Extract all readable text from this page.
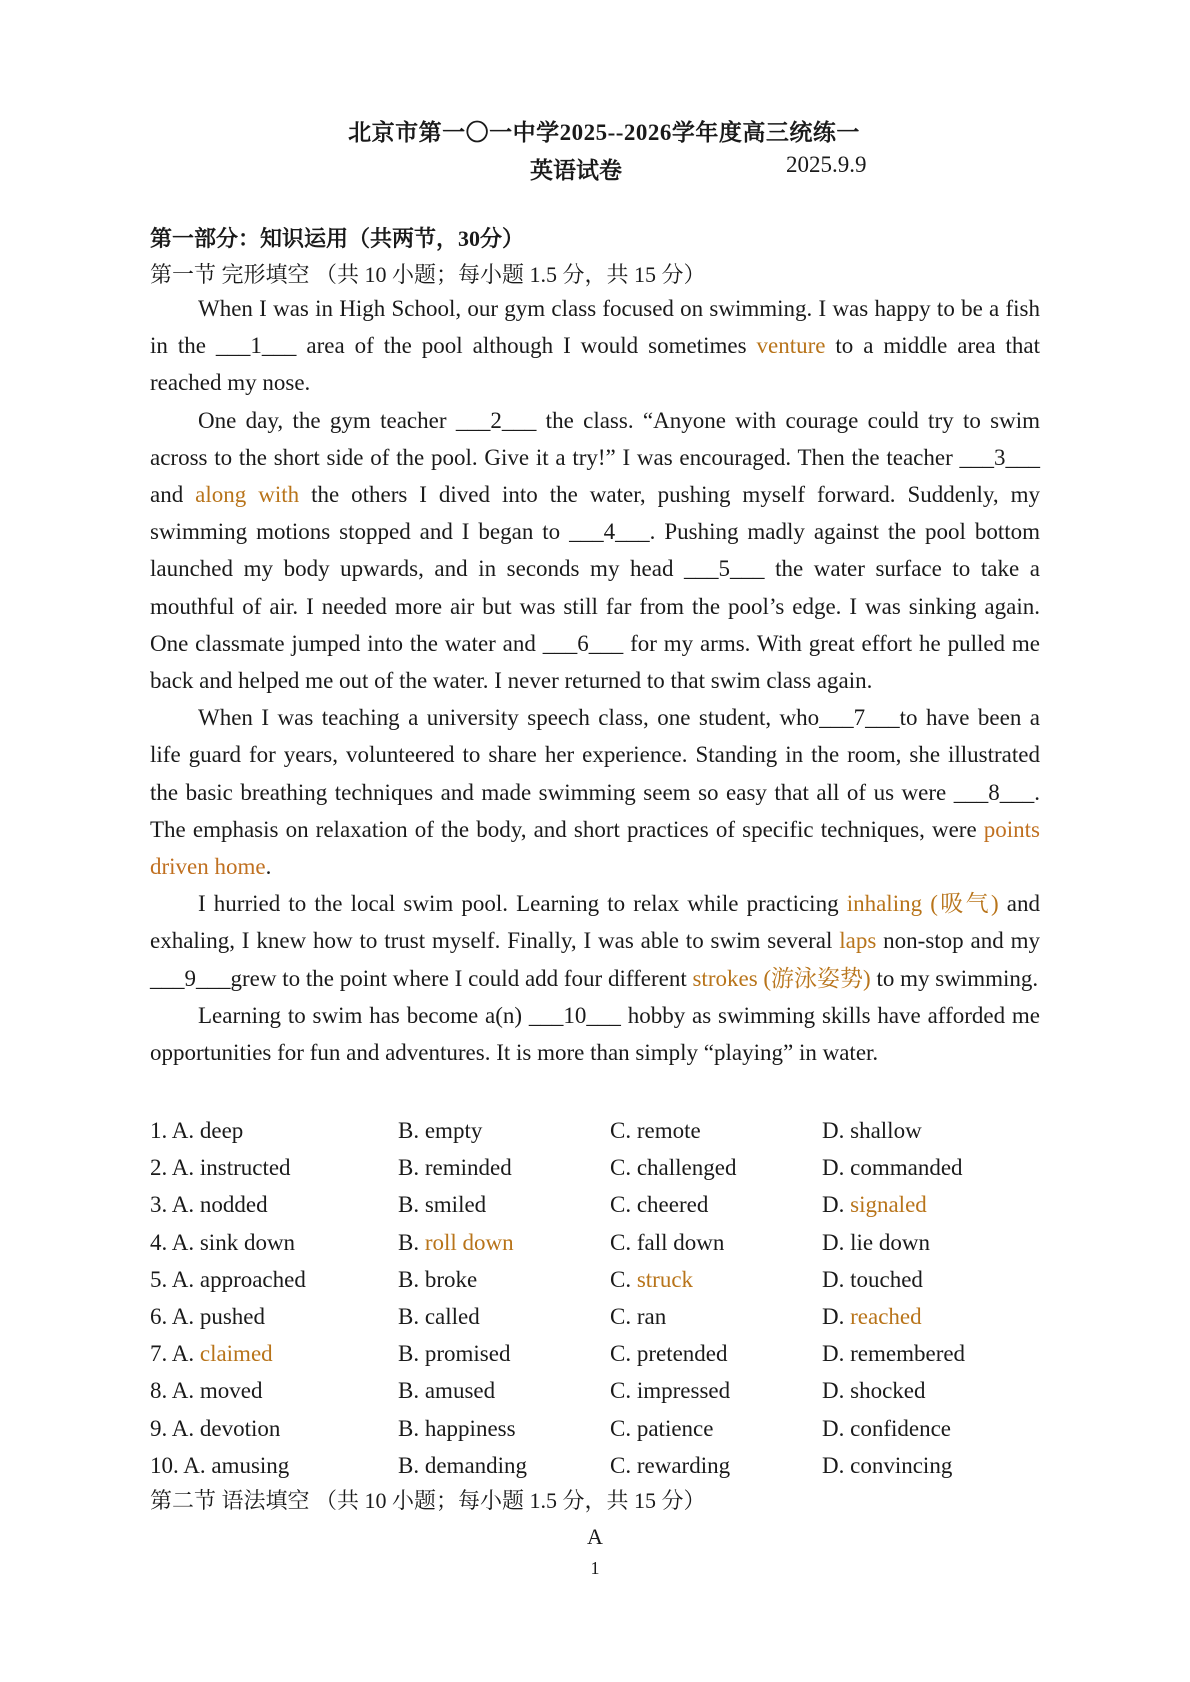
北京市第一〇一中学2025--2026学年度高三统练一
英语试卷	2025.9.9
第一部分：知识运用（共两节，30分）
第一节 完形填空 （共 10 小题；每小题 1.5 分，共 15 分）

When I was in High School, our gym class focused on swimming. I was happy to be a fish in the ___1___ area of the pool although I would sometimes venture to a middle area that reached my nose.

One day, the gym teacher ___2___ the class. “Anyone with courage could try to swim across to the short side of the pool. Give it a try!” I was encouraged. Then the teacher ___3___ and along with the others I dived into the water, pushing myself forward. Suddenly, my swimming motions stopped and I began to ___4___. Pushing madly against the pool bottom launched my body upwards, and in seconds my head ___5___ the water surface to take a mouthful of air. I needed more air but was still far from the pool’s edge. I was sinking again. One classmate jumped into the water and ___6___ for my arms. With great effort he pulled me back and helped me out of the water. I never returned to that swim class again.

When I was teaching a university speech class, one student, who___7___to have been a life guard for years, volunteered to share her experience. Standing in the room, she illustrated the basic breathing techniques and made swimming seem so easy that all of us were ___8___. The emphasis on relaxation of the body, and short practices of specific techniques, were points driven home.

I hurried to the local swim pool. Learning to relax while practicing inhaling (吸气) and exhaling, I knew how to trust myself. Finally, I was able to swim several laps non-stop and my ___9___grew to the point where I could add four different strokes (游泳姿势) to my swimming.

Learning to swim has become a(n) ___10___ hobby as swimming skills have afforded me opportunities for fun and adventures. It is more than simply “playing” in water.

1. A. deep	B. empty	C. remote	D. shallow
2. A. instructed	B. reminded	C. challenged	D. commanded
3. A. nodded	B. smiled	C. cheered	D. signaled
4. A. sink down	B. roll down	C. fall down	D. lie down
5. A. approached	B. broke	C. struck	D. touched
6. A. pushed	B. called	C. ran	D. reached
7. A. claimed	B. promised	C. pretended	D. remembered
8. A. moved	B. amused	C. impressed	D. shocked
9. A. devotion	B. happiness	C. patience	D. confidence
10. A. amusing	B. demanding	C. rewarding	D. convincing
第二节 语法填空 （共 10 小题；每小题 1.5 分，共 15 分）
A
1
